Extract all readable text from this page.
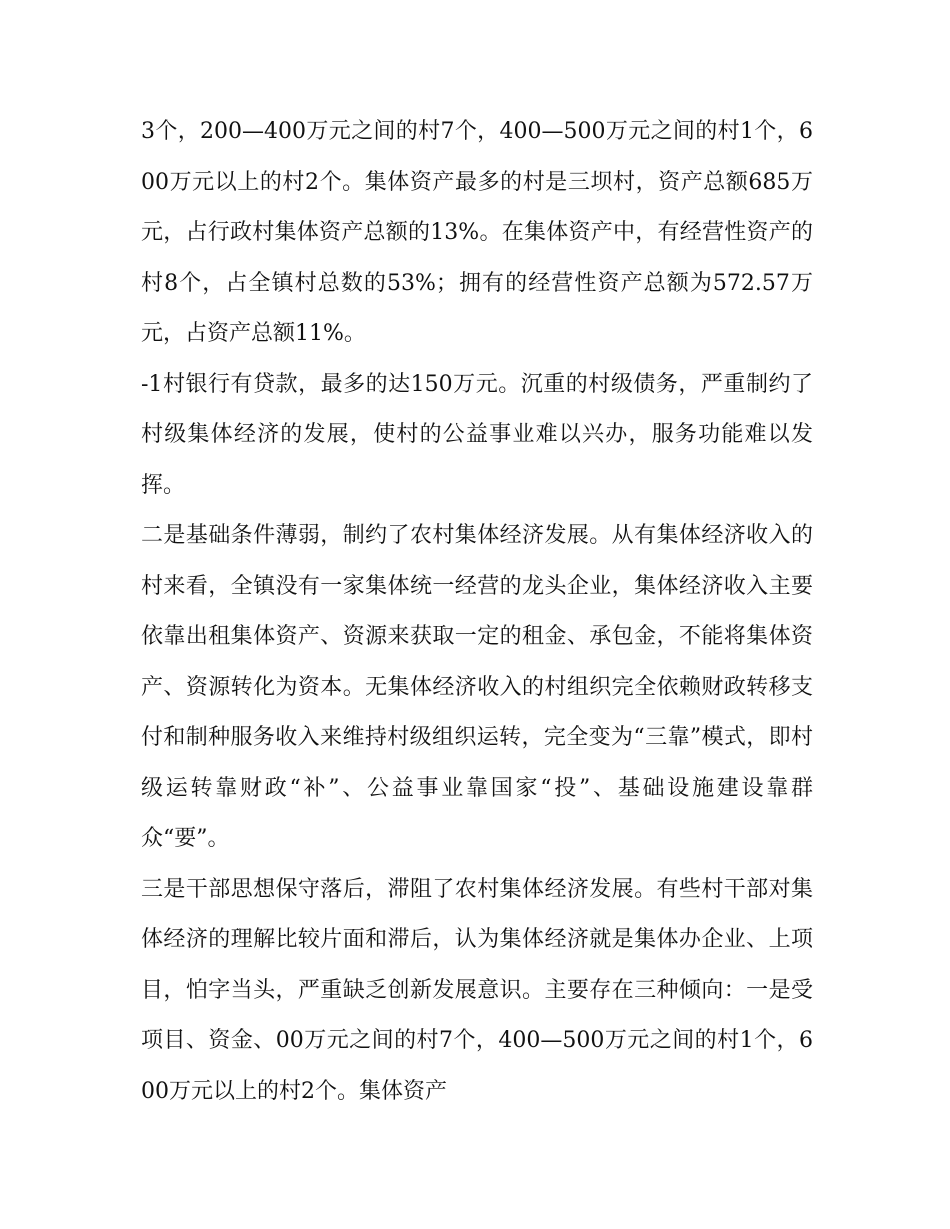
3个，200—400万元之间的村7个，400—500万元之间的村1个，600万元以上的村2个。集体资产最多的村是三坝村，资产总额685万元，占行政村集体资产总额的13%。在集体资产中，有经营性资产的村8个，占全镇村总数的53%；拥有的经营性资产总额为572.57万元，占资产总额11%。

-1村银行有贷款，最多的达150万元。沉重的村级债务，严重制约了村级集体经济的发展，使村的公益事业难以兴办，服务功能难以发挥。

二是基础条件薄弱，制约了农村集体经济发展。从有集体经济收入的村来看，全镇没有一家集体统一经营的龙头企业，集体经济收入主要依靠出租集体资产、资源来获取一定的租金、承包金，不能将集体资产、资源转化为资本。无集体经济收入的村组织完全依赖财政转移支付和制种服务收入来维持村级组织运转，完全变为“三靠”模式，即村级运转靠财政“补”、公益事业靠国家“投”、基础设施建设靠群众“要”。

三是干部思想保守落后，滞阻了农村集体经济发展。有些村干部对集体经济的理解比较片面和滞后，认为集体经济就是集体办企业、上项目，怕字当头，严重缺乏创新发展意识。主要存在三种倾向：一是受项目、资金、00万元之间的村7个，400—500万元之间的村1个，600万元以上的村2个。集体资产
